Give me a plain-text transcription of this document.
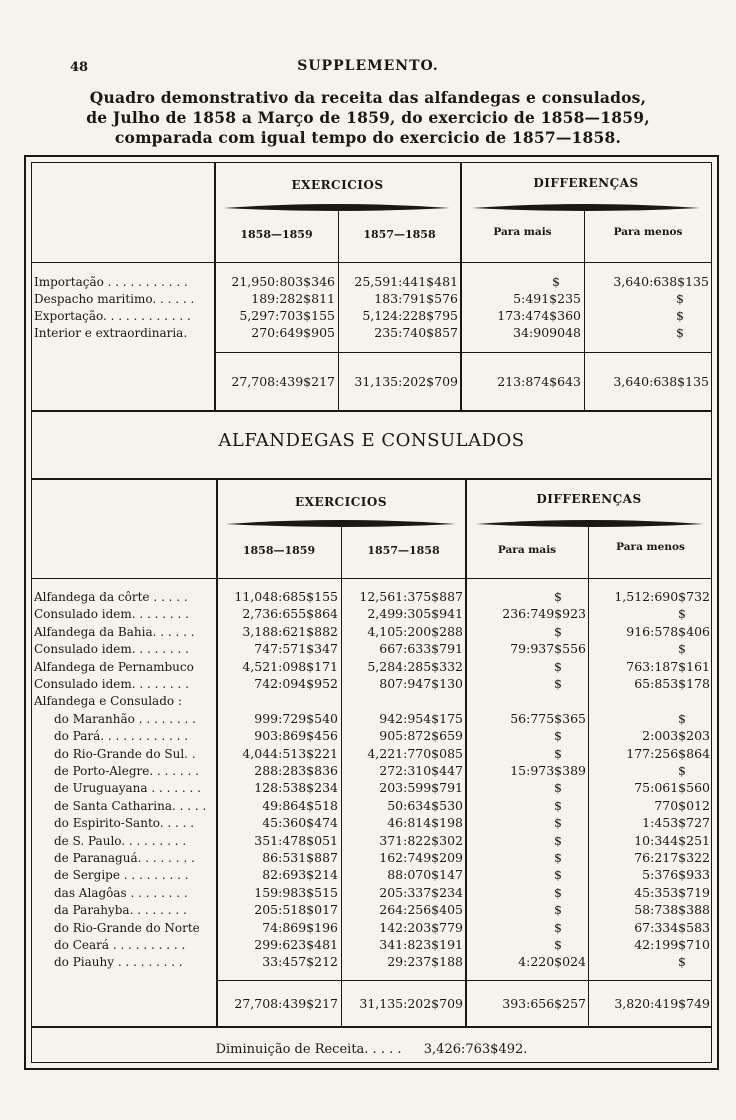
48	SUPPLEMENTO.
Quadro demonstrativo da receita das alfandegas e consulados,
de Julho de 1858 a Março de 1859, do exercicio de 1858—1859,
comparada com igual tempo do exercicio de 1857—1858.
EXERCICIOS	DIFFERENÇAS
1858—1859	1857—1858	Para mais	Para menos
Importação . . . . . . . . . . .	21,950:803$346	25,591:441$481	$	3,640:638$135
Despacho maritimo. . . . . .	189:282$811	183:791$576	5:491$235	$
Exportação. . . . . . . . . . . .	5,297:703$155	5,124:228$795	173:474$360	$
Interior e extraordinaria.	270:649$905	235:740$857	34:909048	$
27,708:439$217	31,135:202$709	213:874$643	3,640:638$135
ALFANDEGAS E CONSULADOS
EXERCICIOS	DIFFERENÇAS
1858—1859	1857—1858	Para mais	Para menos
Alfandega da côrte . . . . .	11,048:685$155	12,561:375$887	$	1,512:690$732
Consulado idem. . . . . . . .	2,736:655$864	2,499:305$941	236:749$923	$
Alfandega da Bahia. . . . . .	3,188:621$882	4,105:200$288	$	916:578$406
Consulado idem. . . . . . . .	747:571$347	667:633$791	79:937$556	$
Alfandega de Pernambuco	4,521:098$171	5,284:285$332	$	763:187$161
Consulado idem. . . . . . . .	742:094$952	807:947$130	$	65:853$178
Alfandega e Consulado :
do Maranhão . . . . . . . .	999:729$540	942:954$175	56:775$365	$
do Pará. . . . . . . . . . . .	903:869$456	905:872$659	$	2:003$203
do Rio-Grande do Sul. .	4,044:513$221	4,221:770$085	$	177:256$864
de Porto-Alegre. . . . . . .	288:283$836	272:310$447	15:973$389	$
de Uruguayana . . . . . . .	128:538$234	203:599$791	$	75:061$560
de Santa Catharina. . . . .	49:864$518	50:634$530	$	770$012
do Espirito-Santo. . . . .	45:360$474	46:814$198	$	1:453$727
de S. Paulo. . . . . . . . .	351:478$051	371:822$302	$	10:344$251
de Paranaguá. . . . . . . .	86:531$887	162:749$209	$	76:217$322
de Sergipe . . . . . . . . .	82:693$214	88:070$147	$	5:376$933
das Alagôas . . . . . . . .	159:983$515	205:337$234	$	45:353$719
da Parahyba. . . . . . . .	205:518$017	264:256$405	$	58:738$388
do Rio-Grande do Norte	74:869$196	142:203$779	$	67:334$583
do Ceará . . . . . . . . . .	299:623$481	341:823$191	$	42:199$710
do Piauhy . . . . . . . . .	33:457$212	29:237$188	4:220$024	$
27,708:439$217	31,135:202$709	393:656$257	3,820:419$749
Diminuição de Receita. . . . . 3,426:763$492.
